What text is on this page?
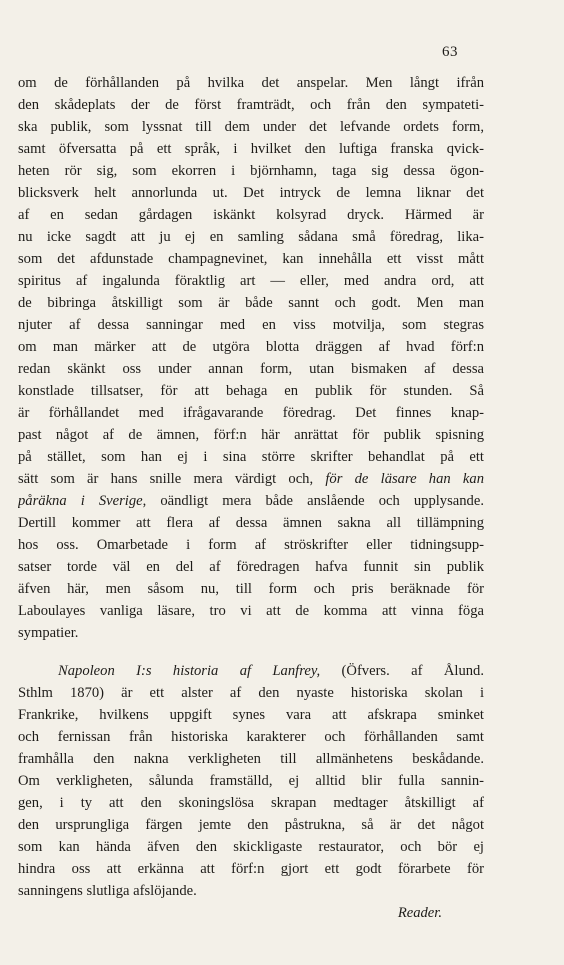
63
om de förhållanden på hvilka det anspelar. Men långt ifrån
den skådeplats der de först framträdt, och från den sympateti-
ska publik, som lyssnat till dem under det lefvande ordets form,
samt öfversatta på ett språk, i hvilket den luftiga franska qvick-
heten rör sig, som ekorren i björnhamn, taga sig dessa ögon-
blicksverk helt annorlunda ut. Det intryck de lemna liknar det
af en sedan gårdagen iskänkt kolsyrad dryck. Härmed är
nu icke sagdt att ju ej en samling sådana små föredrag, lika-
som det afdunstade champagnevinet, kan innehålla ett visst mått
spiritus af ingalunda föraktlig art — eller, med andra ord, att
de bibringa åtskilligt som är både sannt och godt. Men man
njuter af dessa sanningar med en viss motvilja, som stegras
om man märker att de utgöra blotta dräggen af hvad förf:n
redan skänkt oss under annan form, utan bismaken af dessa
konstlade tillsatser, för att behaga en publik för stunden. Så
är förhållandet med ifrågavarande föredrag. Det finnes knap-
past något af de ämnen, förf:n här anrättat för publik spisning
på stället, som han ej i sina större skrifter behandlat på ett
sätt som är hans snille mera värdigt och, för de läsare han kan
påräkna i Sverige, oändligt mera både anslående och upplysande.
Dertill kommer att flera af dessa ämnen sakna all tillämpning
hos oss. Omarbetade i form af ströskrifter eller tidningsupp-
satser torde väl en del af föredragen hafva funnit sin publik
äfven här, men såsom nu, till form och pris beräknade för
Laboulayes vanliga läsare, tro vi att de komma att vinna föga
sympatier.
Napoleon I:s historia af Lanfrey, (Öfvers. af Ålund.
Sthlm 1870) är ett alster af den nyaste historiska skolan i
Frankrike, hvilkens uppgift synes vara att afskrapa sminket
och fernissan från historiska karakterer och förhållanden samt
framhålla den nakna verkligheten till allmänhetens beskådande.
Om verkligheten, sålunda framställd, ej alltid blir fulla sannin-
gen, i ty att den skoningslösa skrapan medtager åtskilligt af
den ursprungliga färgen jemte den påstrukna, så är det något
som kan hända äfven den skickligaste restaurator, och bör ej
hindra oss att erkänna att förf:n gjort ett godt förarbete för
sanningens slutliga afslöjande.
Reader.
